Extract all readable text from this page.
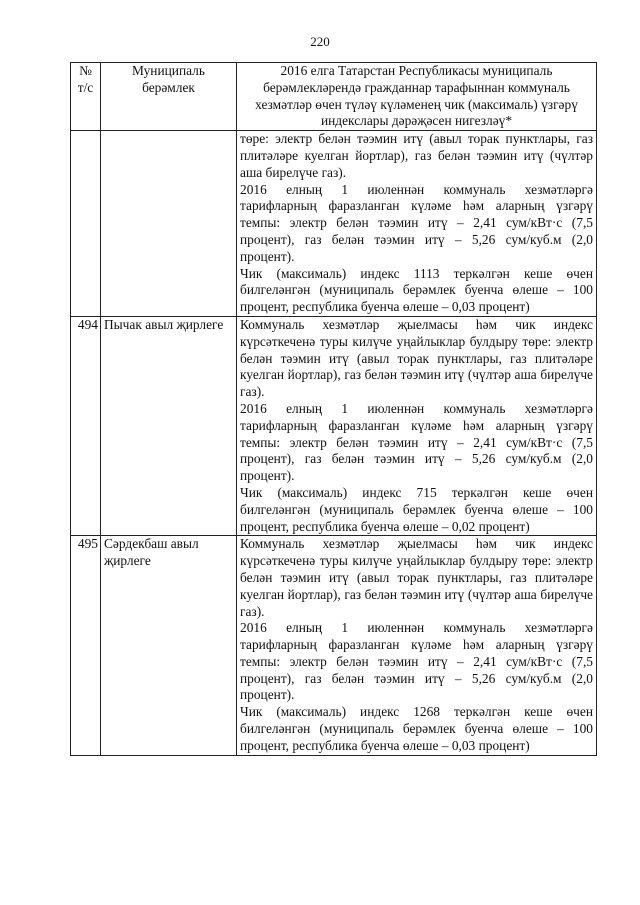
220
№ т/с	Муниципаль берәмлек	2016 елга Татарстан Республикасы муниципаль берәмлекләрендә гражданнар тарафыннан коммуналь хезмәтләр өчен түләү күләменең чик (максималь) үзгәрү индекслары дәрәҗәсен нигезләү*

		төре: электр белән тәэмин итү (авыл торак пунктлары, газ плитәләре куелган йортлар), газ белән тәэмин итү (чүлтәр аша бирелүче газ).

2016 елның 1 июленнән коммуналь хезмәтләргә тарифларның фаразланган күләме һәм аларның үзгәрү темпы: электр белән тәэмин итү – 2,41 сум/кВт·с (7,5 процент), газ белән тәэмин итү – 5,26 сум/куб.м (2,0 процент).

Чик (максималь) индекс 1113 теркәлгән кеше өчен билгеләнгән (муниципаль берәмлек буенча өлеше – 100 процент, республика буенча өлеше – 0,03 процент)

494	Пычак авыл җирлеге	Коммуналь хезмәтләр җыелмасы һәм чик индекс күрсәткеченә туры килүче уңайлыклар булдыру төре: электр белән тәэмин итү (авыл торак пунктлары, газ плитәләре куелган йортлар), газ белән тәэмин итү (чүлтәр аша бирелүче газ).

2016 елның 1 июленнән коммуналь хезмәтләргә тарифларның фаразланган күләме һәм аларның үзгәрү темпы: электр белән тәэмин итү – 2,41 сум/кВт·с (7,5 процент), газ белән тәэмин итү – 5,26 сум/куб.м (2,0 процент).

Чик (максималь) индекс 715 теркәлгән кеше өчен билгеләнгән (муниципаль берәмлек буенча өлеше – 100 процент, республика буенча өлеше – 0,02 процент)

495	Сәрдекбаш авыл җирлеге	Коммуналь хезмәтләр җыелмасы һәм чик индекс күрсәткеченә туры килүче уңайлыклар булдыру төре: электр белән тәэмин итү (авыл торак пунктлары, газ плитәләре куелган йортлар), газ белән тәэмин итү (чүлтәр аша бирелүче газ).

2016 елның 1 июленнән коммуналь хезмәтләргә тарифларның фаразланган күләме һәм аларның үзгәрү темпы: электр белән тәэмин итү – 2,41 сум/кВт·с (7,5 процент), газ белән тәэмин итү – 5,26 сум/куб.м (2,0 процент).

Чик (максималь) индекс 1268 теркәлгән кеше өчен билгеләнгән (муниципаль берәмлек буенча өлеше – 100 процент, республика буенча өлеше – 0,03 процент)
